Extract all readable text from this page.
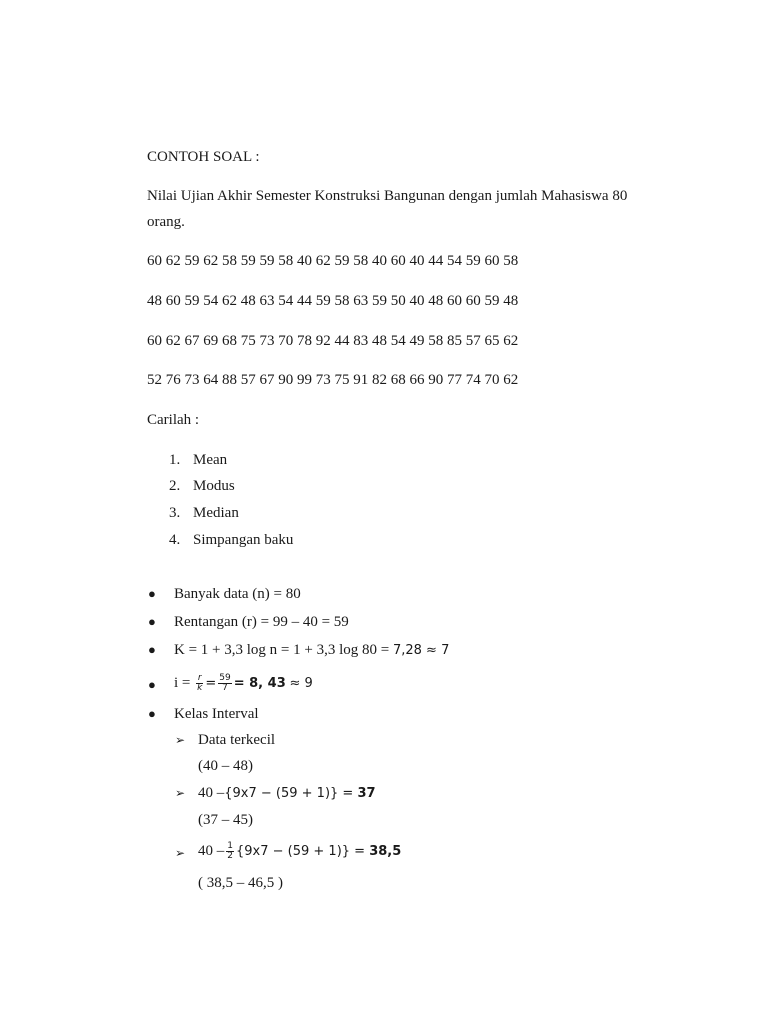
CONTOH SOAL :
Nilai Ujian Akhir Semester Konstruksi Bangunan dengan jumlah Mahasiswa 80
orang.
60 62 59 62 58 59 59 58 40 62 59 58 40 60 40 44 54 59 60 58
48 60 59 54 62 48 63 54 44 59 58 63 59 50 40 48 60 60 59 48
60 62 67 69 68 75 73 70 78 92 44 83 48 54 49 58 85 57 65 62
52 76 73 64 88 57 67 90 99 73 75 91 82 68 66 90 77 74 70 62
Carilah :
1. Mean
2. Modus
3. Median
4. Simpangan baku
● Banyak data (n) = 80
● Rentangan (r) = 99 – 40 = 59
● K = 1 + 3,3 log n = 1 + 3,3 log 80 = 7,28 ≈ 7
● $i = \frac{r}{k} = \frac{59}{7} = 8$, 43 ≈ 9
● Kelas Interval
➢ Data terkecil
(40 – 48)
➢ 40 –{9x7 − (59 + 1)} = 37
(37 – 45)
➢ $40 - \frac{1}{2} \{9x7 - (59 + 1)\} = 38,5$
( 38,5 – 46,5 )
